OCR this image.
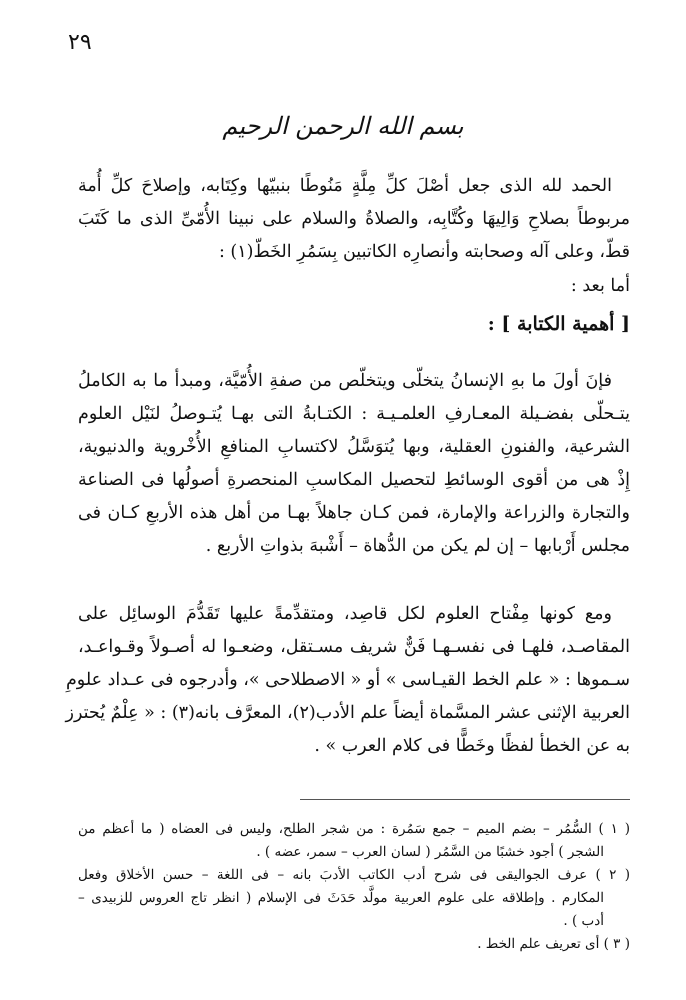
٢٩
بسم الله الرحمن الرحيم
الحمد لله الذى جعل أصْلَ كلِّ مِلَّةٍ مَنُوطًا بنبيّها وكِتَابه، وإصلاحَ كلِّ أُمة
مربوطاً بصلاحِ وَالِيهَا وكُتَّابِه، والصلاةُ والسلام على نبينا الأُمّىِّ الذى ما كَتَبَ
قطّ، وعلى آله وصحابته وأنصارِه الكاتبين بِسَمُرِ الخَطّ(١) :
أما بعد :
[ أهمية الكتابة ] :
فإنَ أولَ ما بهِ الإنسانُ يتخلّى ويتخلّص من صفةِ الأُمّيَّة، ومبدأ ما به الكاملُ
يتـحلّى بفضـيلة المعـارفِ العلمـيـة : الكتـابةُ التى بهـا يُتـوصلُ لنَيْل العلوم
الشرعية، والفنونِ العقلية، وبها يُتوَسَّلُ لاكتسابِ المنافعِ الأُخْروية والدنيوية،
إِذْ هى من أقوى الوسائطِ لتحصيل المكاسبِ المنحصرةِ أصولُها فى الصناعة
والتجارة والزراعة والإمارة، فمن كـان جاهلاً بهـا من أهل هذه الأربعِ كـان فى
مجلس أَرْبابها – إن لم يكن من الدُّهاة – أَشْبهَ بذواتِ الأربع .
ومع كونها مِفْتاح العلوم لكل قاصِد، ومتقدِّمةً عليها تَقَدُّمَ الوسائِل على
المقاصـد، فلهـا فى نفسـهـا فَنٌّ شريف مسـتقل، وضعـوا له أصـولاً وقـواعـد،
سـموها : « علم الخط القيـاسى » أو « الاصطلاحى »، وأدرجوه فى عـداد علومِ
العربية الإثنى عشر المسَّماة أيضاً علم الأدب(٢)، المعرَّف بانه(٣) : « عِلْمٌ يُحترز
به عن الخطأ لفظًا وخَطًّا فى كلام العرب » .
( ١ ) السُّمُر – بضم الميم – جمع سَمُرة : من شجر الطلح، وليس فى العضاه ( ما أعظم من
الشجر ) أجود خشبًا من السَّمُر ( لسان العرب – سمر، عضه ) .
( ٢ ) عرف الجواليقى فى شرح أدب الكاتب الأدبَ بانه – فى اللغة – حسن الأخلاق وفعل
المكارم . وإطلاقه على علوم العربية مولَّد حَدَثَ فى الإسلام ( انظر تاج العروس للزبيدى –
أدب ) .
( ٣ ) أى تعريف علم الخط .
